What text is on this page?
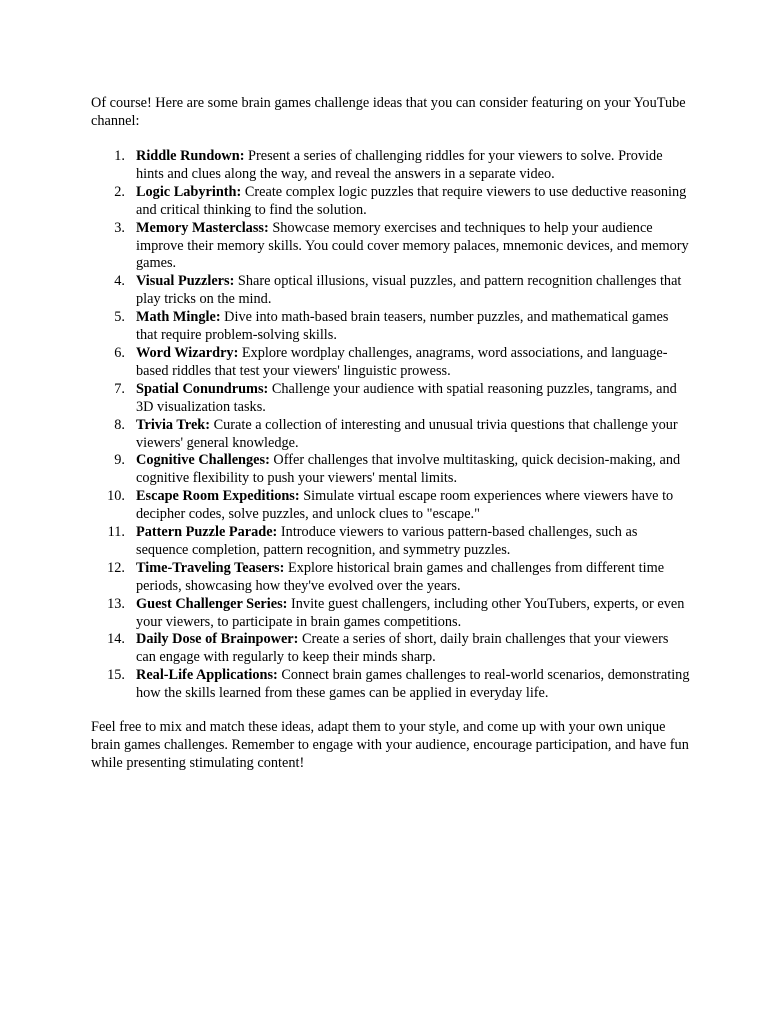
Of course! Here are some brain games challenge ideas that you can consider featuring on your YouTube channel:

1. Riddle Rundown: Present a series of challenging riddles for your viewers to solve. Provide hints and clues along the way, and reveal the answers in a separate video.
2. Logic Labyrinth: Create complex logic puzzles that require viewers to use deductive reasoning and critical thinking to find the solution.
3. Memory Masterclass: Showcase memory exercises and techniques to help your audience improve their memory skills. You could cover memory palaces, mnemonic devices, and memory games.
4. Visual Puzzlers: Share optical illusions, visual puzzles, and pattern recognition challenges that play tricks on the mind.
5. Math Mingle: Dive into math-based brain teasers, number puzzles, and mathematical games that require problem-solving skills.
6. Word Wizardry: Explore wordplay challenges, anagrams, word associations, and language-based riddles that test your viewers' linguistic prowess.
7. Spatial Conundrums: Challenge your audience with spatial reasoning puzzles, tangrams, and 3D visualization tasks.
8. Trivia Trek: Curate a collection of interesting and unusual trivia questions that challenge your viewers' general knowledge.
9. Cognitive Challenges: Offer challenges that involve multitasking, quick decision-making, and cognitive flexibility to push your viewers' mental limits.
10. Escape Room Expeditions: Simulate virtual escape room experiences where viewers have to decipher codes, solve puzzles, and unlock clues to "escape."
11. Pattern Puzzle Parade: Introduce viewers to various pattern-based challenges, such as sequence completion, pattern recognition, and symmetry puzzles.
12. Time-Traveling Teasers: Explore historical brain games and challenges from different time periods, showcasing how they've evolved over the years.
13. Guest Challenger Series: Invite guest challengers, including other YouTubers, experts, or even your viewers, to participate in brain games competitions.
14. Daily Dose of Brainpower: Create a series of short, daily brain challenges that your viewers can engage with regularly to keep their minds sharp.
15. Real-Life Applications: Connect brain games challenges to real-world scenarios, demonstrating how the skills learned from these games can be applied in everyday life.

Feel free to mix and match these ideas, adapt them to your style, and come up with your own unique brain games challenges. Remember to engage with your audience, encourage participation, and have fun while presenting stimulating content!
